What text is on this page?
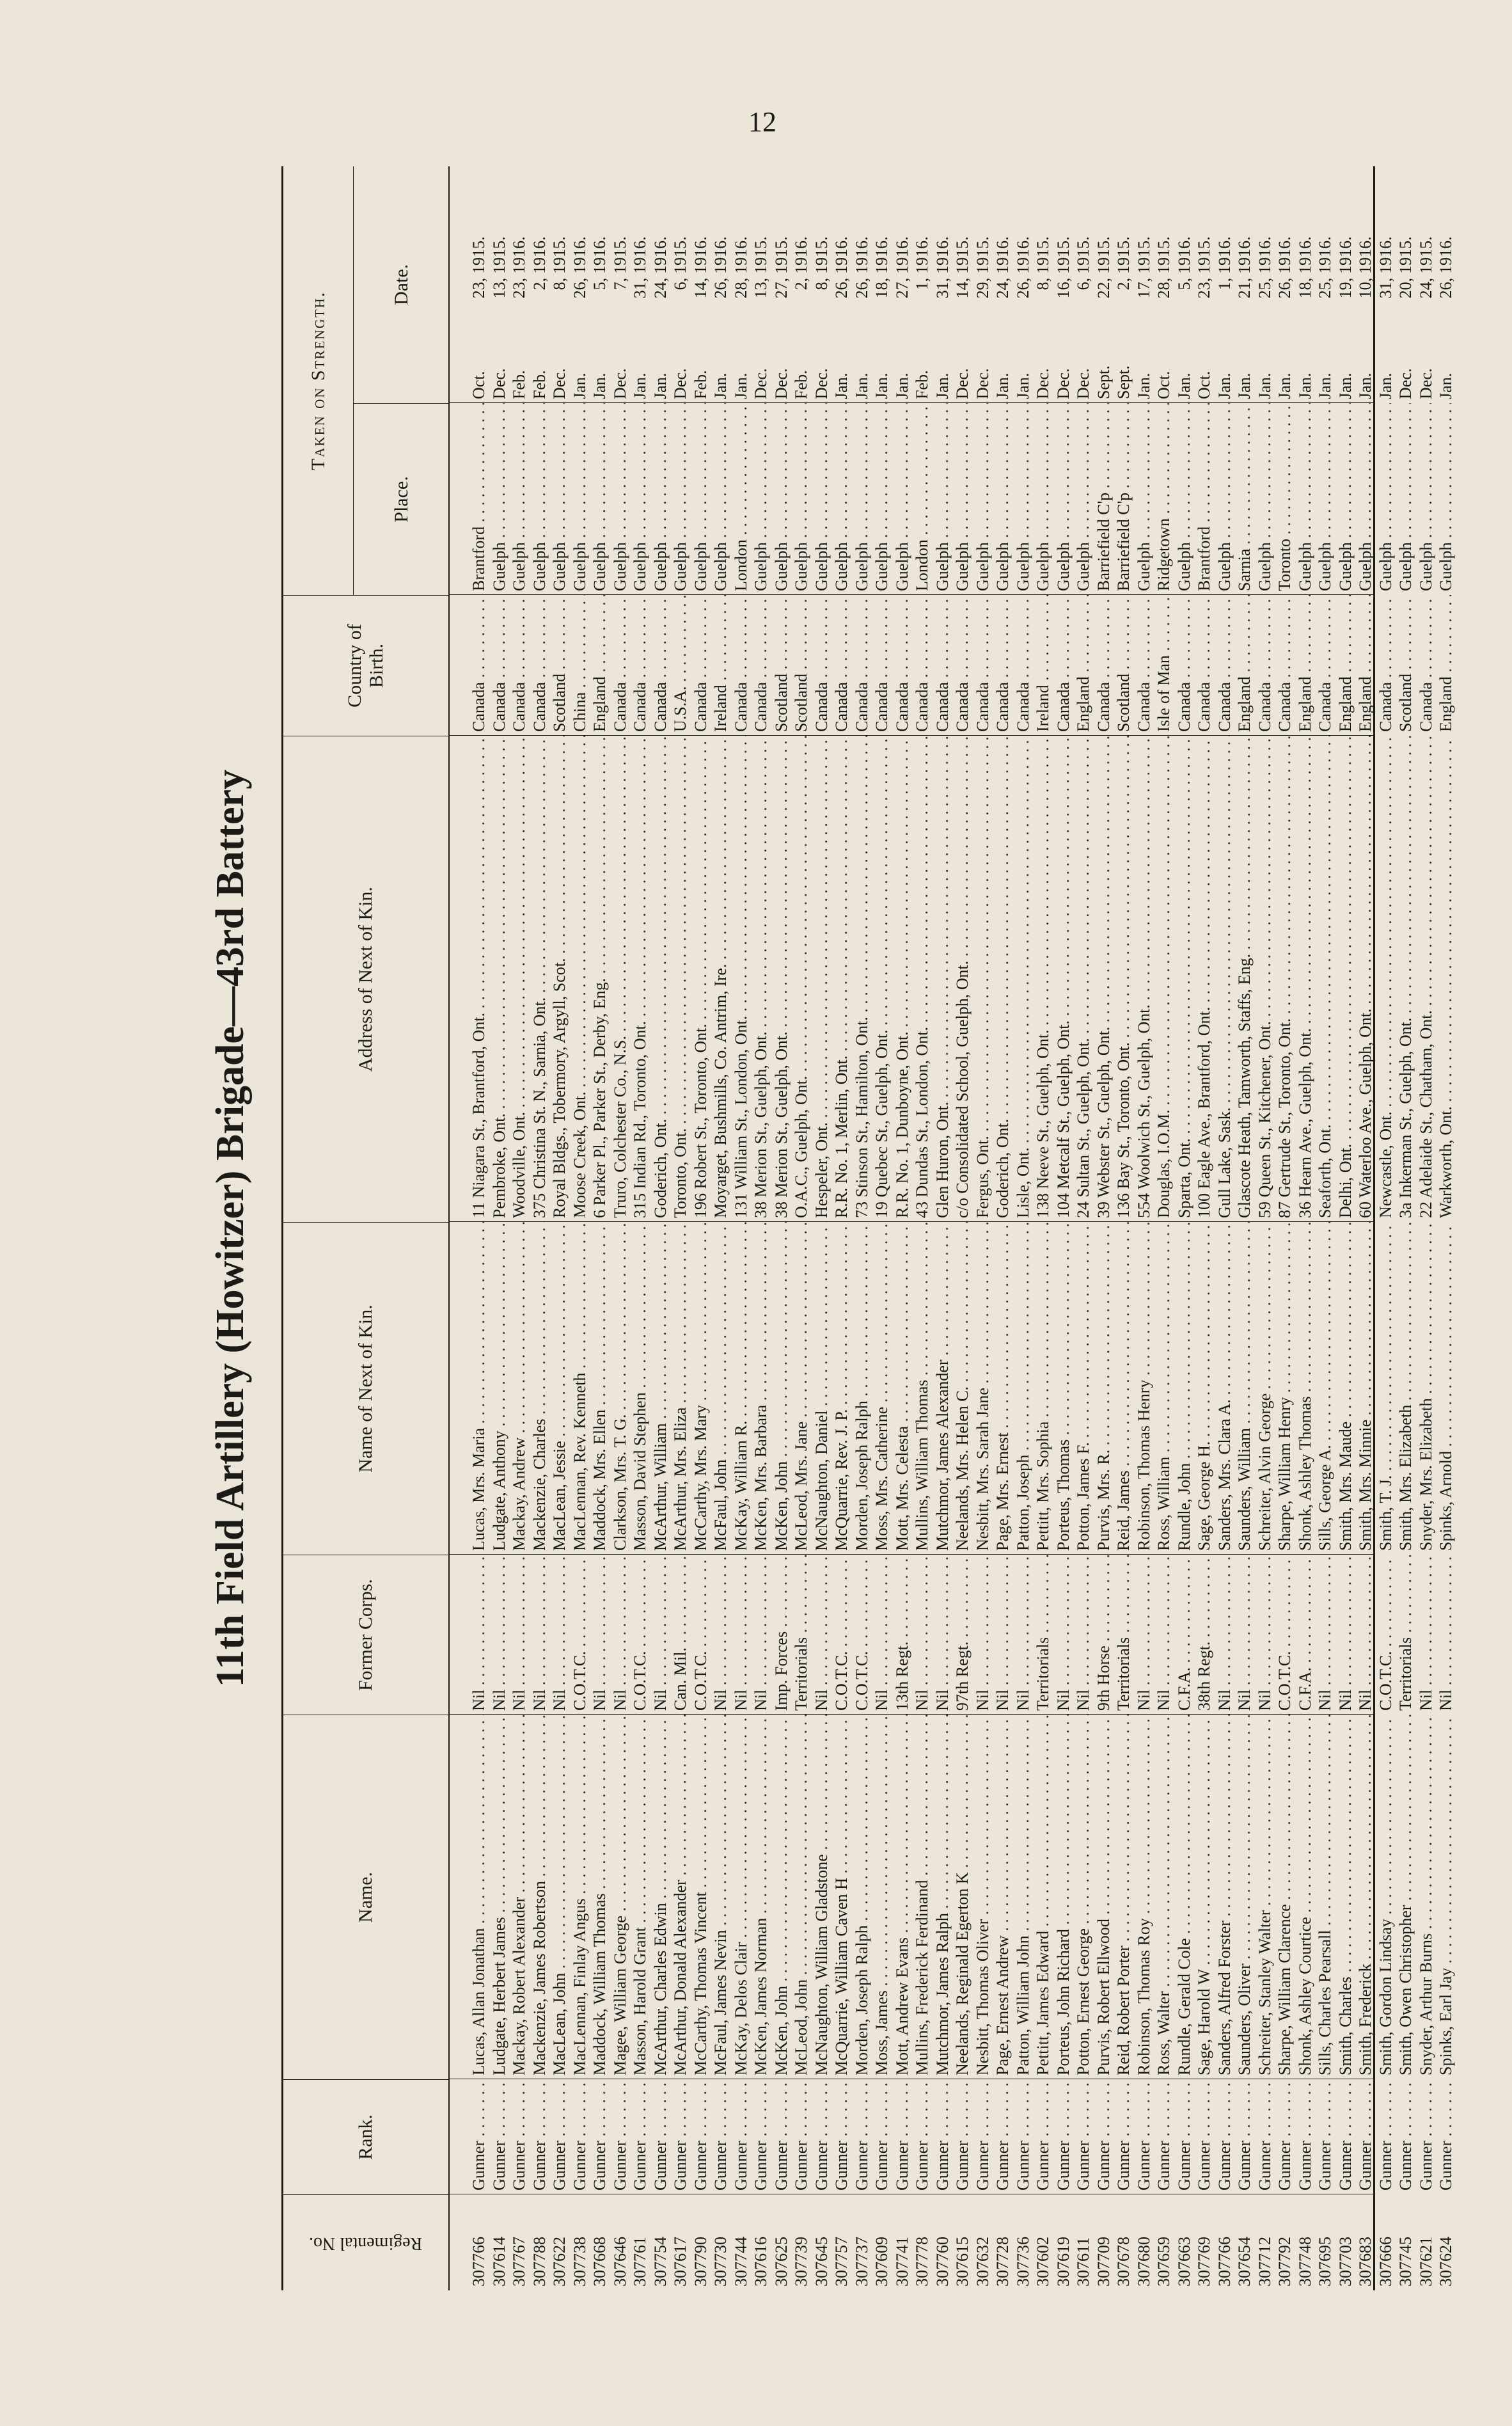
12
11th Field Artillery (Howitzer) Brigade—43rd Battery
Regimental No.
Rank.
Name.
Former Corps.
Name of Next of Kin.
Address of Next of Kin.
Country of Birth.
Taken on Strength.
Place.
Date.
307766
Gunner . . .
Lucas, Allan Jonathan . . .
Nil . . .
Lucas, Mrs. Maria . . .
11 Niagara St., Brantford, Ont. . . .
Canada . . .
Brantford . . .
Oct.
23,
1915.
307614
Gunner . . .
Ludgate, Herbert James . . .
Nil . . .
Ludgate, Anthony . . .
Pembroke, Ont. . . .
Canada . . .
Guelph . . .
Dec.
13,
1915.
307767
Gunner . . .
Mackay, Robert Alexander . . .
Nil . . .
Mackay, Andrew . . .
Woodville, Ont. . . .
Canada . . .
Guelph . . .
Feb.
23,
1916.
307788
Gunner . . .
Mackenzie, James Robertson . . .
Nil . . .
Mackenzie, Charles . . .
375 Christina St. N., Sarnia, Ont. . . .
Canada . . .
Guelph . . .
Feb.
2,
1916.
307622
Gunner . . .
MacLean, John . . .
Nil . . .
MacLean, Jessie . . .
Royal Bldgs., Tobermory, Argyll, Scot. . . .
Scotland . . .
Guelph . . .
Dec.
8,
1915.
307738
Gunner . . .
MacLennan, Finlay Angus . . .
C.O.T.C. . . .
MacLennan, Rev. Kenneth . . .
Moose Creek, Ont. . . .
China . . .
Guelph . . .
Jan.
26,
1916.
307668
Gunner . . .
Maddock, William Thomas . . .
Nil . . .
Maddock, Mrs. Ellen . . .
6 Parker Pl., Parker St., Derby, Eng. . . .
England . . .
Guelph . . .
Jan.
5,
1916.
307646
Gunner . . .
Magee, William George . . .
Nil . . .
Clarkson, Mrs. T. G. . . .
Truro, Colchester Co., N.S. . . .
Canada . . .
Guelph . . .
Dec.
7,
1915.
307761
Gunner . . .
Masson, Harold Grant . . .
C.O.T.C. . . .
Masson, David Stephen . . .
315 Indian Rd., Toronto, Ont. . . .
Canada . . .
Guelph . . .
Jan.
31,
1916.
307754
Gunner . . .
McArthur, Charles Edwin . . .
Nil . . .
McArthur, William . . .
Goderich, Ont. . . .
Canada . . .
Guelph . . .
Jan.
24,
1916.
307617
Gunner . . .
McArthur, Donald Alexander . . .
Can. Mil. . . .
McArthur, Mrs. Eliza . . .
Toronto, Ont. . . .
U.S.A. . . .
Guelph . . .
Dec.
6,
1915.
307790
Gunner . . .
McCarthy, Thomas Vincent . . .
C.O.T.C. . . .
McCarthy, Mrs. Mary . . .
196 Robert St., Toronto, Ont. . . .
Canada . . .
Guelph . . .
Feb.
14,
1916.
307730
Gunner . . .
McFaul, James Nevin . . .
Nil . . .
McFaul, John . . .
Moyarget, Bushmills, Co. Antrim, Ire. . . .
Ireland . . .
Guelph . . .
Jan.
26,
1916.
307744
Gunner . . .
McKay, Delos Clair . . .
Nil . . .
McKay, William R. . . .
131 William St., London, Ont. . . .
Canada . . .
London . . .
Jan.
28,
1916.
307616
Gunner . . .
McKen, James Norman . . .
Nil . . .
McKen, Mrs. Barbara . . .
38 Merion St., Guelph, Ont. . . .
Canada . . .
Guelph . . .
Dec.
13,
1915.
307625
Gunner . . .
McKen, John . . .
Imp. Forces . . .
McKen, John . . .
38 Merion St., Guelph, Ont. . . .
Scotland . . .
Guelph . . .
Dec.
27,
1915.
307739
Gunner . . .
McLeod, John . . .
Territorials . . .
McLeod, Mrs. Jane . . .
O.A.C., Guelph, Ont. . . .
Scotland . . .
Guelph . . .
Feb.
2,
1916.
307645
Gunner . . .
McNaughton, William Gladstone . . .
Nil . . .
McNaughton, Daniel . . .
Hespeler, Ont. . . .
Canada . . .
Guelph . . .
Dec.
8,
1915.
307757
Gunner . . .
McQuarrie, William Caven H . . .
C.O.T.C. . . .
McQuarrie, Rev. J. P. . . .
R.R. No. 1, Merlin, Ont. . . .
Canada . . .
Guelph . . .
Jan.
26,
1916.
307737
Gunner . . .
Morden, Joseph Ralph . . .
C.O.T.C. . . .
Morden, Joseph Ralph . . .
73 Stinson St., Hamilton, Ont. . . .
Canada . . .
Guelph . . .
Jan.
26,
1916.
307609
Gunner . . .
Moss, James . . .
Nil . . .
Moss, Mrs. Catherine . . .
19 Quebec St., Guelph, Ont. . . .
Canada . . .
Guelph . . .
Jan.
18,
1916.
307741
Gunner . . .
Mott, Andrew Evans . . .
13th Regt. . . .
Mott, Mrs. Celesta . . .
R.R. No. 1, Dunboyne, Ont. . . .
Canada . . .
Guelph . . .
Jan.
27,
1916.
307778
Gunner . . .
Mullins, Frederick Ferdinand . . .
Nil . . .
Mullins, William Thomas . . .
43 Dundas St., London, Ont. . . .
Canada . . .
London . . .
Feb.
1,
1916.
307760
Gunner . . .
Mutchmor, James Ralph . . .
Nil . . .
Mutchmor, James Alexander . . .
Glen Huron, Ont. . . .
Canada . . .
Guelph . . .
Jan.
31,
1916.
307615
Gunner . . .
Neelands, Reginald Egerton K . . .
97th Regt. . . .
Neelands, Mrs. Helen C. . . .
c/o Consolidated School, Guelph, Ont. . . .
Canada . . .
Guelph . . .
Dec.
14,
1915.
307632
Gunner . . .
Nesbitt, Thomas Oliver . . .
Nil . . .
Nesbitt, Mrs. Sarah Jane . . .
Fergus, Ont. . . .
Canada . . .
Guelph . . .
Dec.
29,
1915.
307728
Gunner . . .
Page, Ernest Andrew . . .
Nil . . .
Page, Mrs. Ernest . . .
Goderich, Ont. . . .
Canada . . .
Guelph . . .
Jan.
24,
1916.
307736
Gunner . . .
Patton, William John . . .
Nil . . .
Patton, Joseph . . .
Lisle, Ont. . . .
Canada . . .
Guelph . . .
Jan.
26,
1916.
307602
Gunner . . .
Pettitt, James Edward . . .
Territorials . . .
Pettitt, Mrs. Sophia . . .
138 Neeve St., Guelph, Ont. . . .
Ireland . . .
Guelph . . .
Dec.
8,
1915.
307619
Gunner . . .
Porteus, John Richard . . .
Nil . . .
Porteus, Thomas . . .
104 Metcalf St., Guelph, Ont. . . .
Canada . . .
Guelph . . .
Dec.
16,
1915.
307611
Gunner . . .
Potton, Ernest George . . .
Nil . . .
Potton, James F. . . .
24 Sultan St., Guelph, Ont. . . .
England . . .
Guelph . . .
Dec.
6,
1915.
307709
Gunner . . .
Purvis, Robert Ellwood . . .
9th Horse . . .
Purvis, Mrs. R. . . .
39 Webster St., Guelph, Ont. . . .
Canada . . .
Barriefield C'p . . .
Sept.
22,
1915.
307678
Gunner . . .
Reid, Robert Porter . . .
Territorials . . .
Reid, James . . .
136 Bay St., Toronto, Ont. . . .
Scotland . . .
Barriefield C'p . . .
Sept.
2,
1915.
307680
Gunner . . .
Robinson, Thomas Roy . . .
Nil . . .
Robinson, Thomas Henry . . .
554 Woolwich St., Guelph, Ont. . . .
Canada . . .
Guelph . . .
Jan.
17,
1915.
307659
Gunner . . .
Ross, Walter . . .
Nil . . .
Ross, William . . .
Douglas, I.O.M. . . .
Isle of Man . . .
Ridgetown . . .
Oct.
28,
1915.
307663
Gunner . . .
Rundle, Gerald Cole . . .
C.F.A. . . .
Rundle, John . . .
Sparta, Ont. . . .
Canada . . .
Guelph . . .
Jan.
5,
1916.
307769
Gunner . . .
Sage, Harold W . . .
38th Regt. . . .
Sage, George H. . . .
100 Eagle Ave., Brantford, Ont. . . .
Canada . . .
Brantford . . .
Oct.
23,
1915.
307766
Gunner . . .
Sanders, Alfred Forster . . .
Nil . . .
Sanders, Mrs. Clara A. . . .
Gull Lake, Sask. . . .
Canada . . .
Guelph . . .
Jan.
1,
1916.
307654
Gunner . . .
Saunders, Oliver . . .
Nil . . .
Saunders, William . . .
Glascote Heath, Tamworth, Staffs, Eng. . . .
England . . .
Sarnia . . .
Jan.
21,
1916.
307712
Gunner . . .
Schreiter, Stanley Walter . . .
Nil . . .
Schreiter, Alvin George . . .
59 Queen St., Kitchener, Ont. . . .
Canada . . .
Guelph . . .
Jan.
25,
1916.
307792
Gunner . . .
Sharpe, William Clarence . . .
C.O.T.C. . . .
Sharpe, William Henry . . .
87 Gertrude St., Toronto, Ont. . . .
Canada . . .
Toronto . . .
Jan.
26,
1916.
307748
Gunner . . .
Shonk, Ashley Courtice . . .
C.F.A. . . .
Shonk, Ashley Thomas . . .
36 Hearn Ave., Guelph, Ont. . . .
England . . .
Guelph . . .
Jan.
18,
1916.
307695
Gunner . . .
Sills, Charles Pearsall . . .
Nil . . .
Sills, George A. . . .
Seaforth, Ont. . . .
Canada . . .
Guelph . . .
Jan.
25,
1916.
307703
Gunner . . .
Smith, Charles . . .
Nil . . .
Smith, Mrs. Maude . . .
Delhi, Ont. . . .
England . . .
Guelph . . .
Jan.
19,
1916.
307683
Gunner . . .
Smith, Frederick . . .
Nil . . .
Smith, Mrs. Minnie . . .
60 Waterloo Ave., Guelph, Ont. . . .
England . . .
Guelph . . .
Jan.
10,
1916.
307666
Gunner . . .
Smith, Gordon Lindsay . . .
C.O.T.C. . . .
Smith, T. J. . . .
Newcastle, Ont. . . .
Canada . . .
Guelph . . .
Jan.
31,
1916.
307745
Gunner . . .
Smith, Owen Christopher . . .
Territorials . . .
Smith, Mrs. Elizabeth . . .
3a Inkerman St., Guelph, Ont. . . .
Scotland . . .
Guelph . . .
Dec.
20,
1915.
307621
Gunner . . .
Snyder, Arthur Burns . . .
Nil . . .
Snyder, Mrs. Elizabeth . . .
22 Adelaide St., Chatham, Ont. . . .
Canada . . .
Guelph . . .
Dec.
24,
1915.
307624
Gunner . . .
Spinks, Earl Jay . . .
Nil . . .
Spinks, Arnold . . .
Warkworth, Ont. . . .
England . . .
Guelph . . .
Jan.
26,
1916.
